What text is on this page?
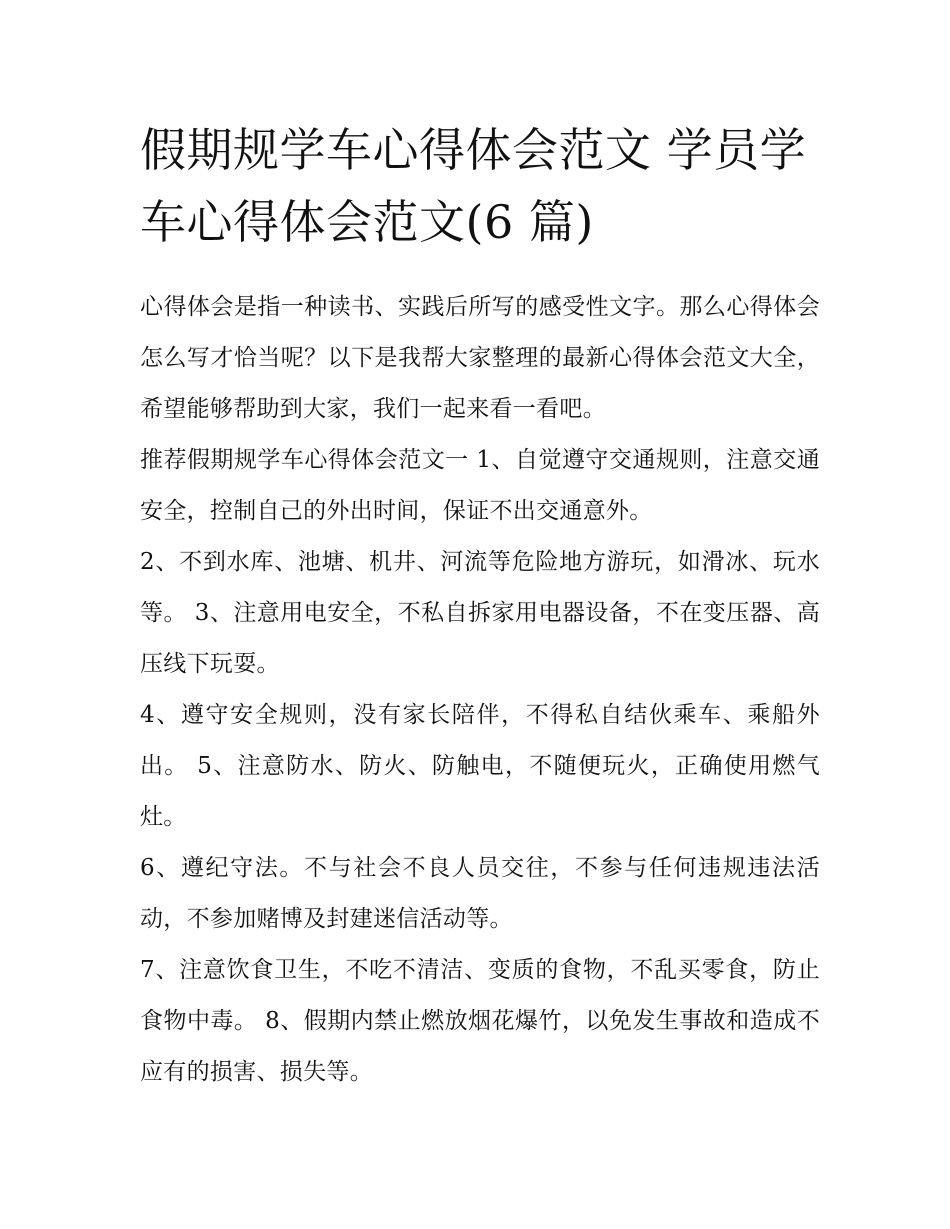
假期规学车心得体会范文 学员学车心得体会范文(6 篇)

心得体会是指一种读书、实践后所写的感受性文字。那么心得体会怎么写才恰当呢？以下是我帮大家整理的最新心得体会范文大全，希望能够帮助到大家，我们一起来看一看吧。

推荐假期规学车心得体会范文一 1、自觉遵守交通规则，注意交通安全，控制自己的外出时间，保证不出交通意外。

2、不到水库、池塘、机井、河流等危险地方游玩，如滑冰、玩水等。 3、注意用电安全，不私自拆家用电器设备，不在变压器、高压线下玩耍。

4、遵守安全规则，没有家长陪伴，不得私自结伙乘车、乘船外出。 5、注意防水、防火、防触电，不随便玩火，正确使用燃气灶。

6、遵纪守法。不与社会不良人员交往，不参与任何违规违法活动，不参加赌博及封建迷信活动等。

7、注意饮食卫生，不吃不清洁、变质的食物，不乱买零食，防止食物中毒。 8、假期内禁止燃放烟花爆竹，以免发生事故和造成不应有的损害、损失等。
